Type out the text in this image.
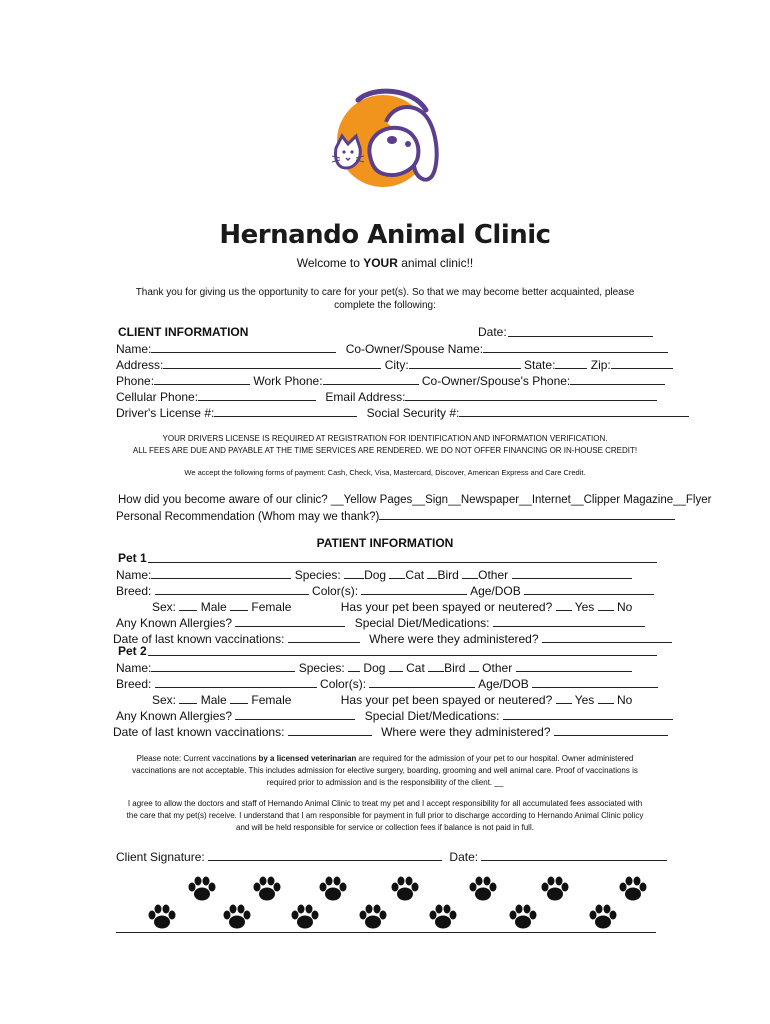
Hernando Animal Clinic
Welcome to YOUR animal clinic!!
Thank you for giving us the opportunity to care for your pet(s). So that we may become better acquainted, please
complete the following:
CLIENT INFORMATION	Date:
Name:	Co-Owner/Spouse Name:
Address:	City:	State:	Zip:
Phone:	Work Phone:	Co-Owner/Spouse's Phone:
Cellular Phone:	Email Address:
Driver's License #:	Social Security #:
YOUR DRIVERS LICENSE IS REQUIRED AT REGISTRATION FOR IDENTIFICATION AND INFORMATION VERIFICATION.
ALL FEES ARE DUE AND PAYABLE AT THE TIME SERVICES ARE RENDERED. WE DO NOT OFFER FINANCING OR IN-HOUSE CREDIT!
We accept the following forms of payment: Cash, Check, Visa, Mastercard, Discover, American Express and Care Credit.
How did you become aware of our clinic? __Yellow Pages__Sign__Newspaper__Internet__Clipper Magazine__Flyer
Personal Recommendation (Whom may we thank?)
PATIENT INFORMATION
Pet 1
Name:	Species: Dog Cat Bird Other
Breed:	Color(s):	Age/DOB
Sex: Male Female	Has your pet been spayed or neutered? Yes No
Any Known Allergies?	Special Diet/Medications:
Date of last known vaccinations:	Where were they administered?
Pet 2
Name:	Species: Dog Cat Bird Other
Breed:	Color(s):	Age/DOB
Sex: Male Female	Has your pet been spayed or neutered? Yes No
Any Known Allergies?	Special Diet/Medications:
Date of last known vaccinations:	Where were they administered?
Please note: Current vaccinations by a licensed veterinarian are required for the admission of your pet to our hospital. Owner administered
vaccinations are not acceptable. This includes admission for elective surgery, boarding, grooming and well animal care. Proof of vaccinations is
required prior to admission and is the responsibility of the client. __
I agree to allow the doctors and staff of Hernando Animal Clinic to treat my pet and I accept responsibility for all accumulated fees associated with
the care that my pet(s) receive. I understand that I am responsible for payment in full prior to discharge according to Hernando Animal Clinic policy
and will be held responsible for service or collection fees if balance is not paid in full.
Client Signature:	Date:
